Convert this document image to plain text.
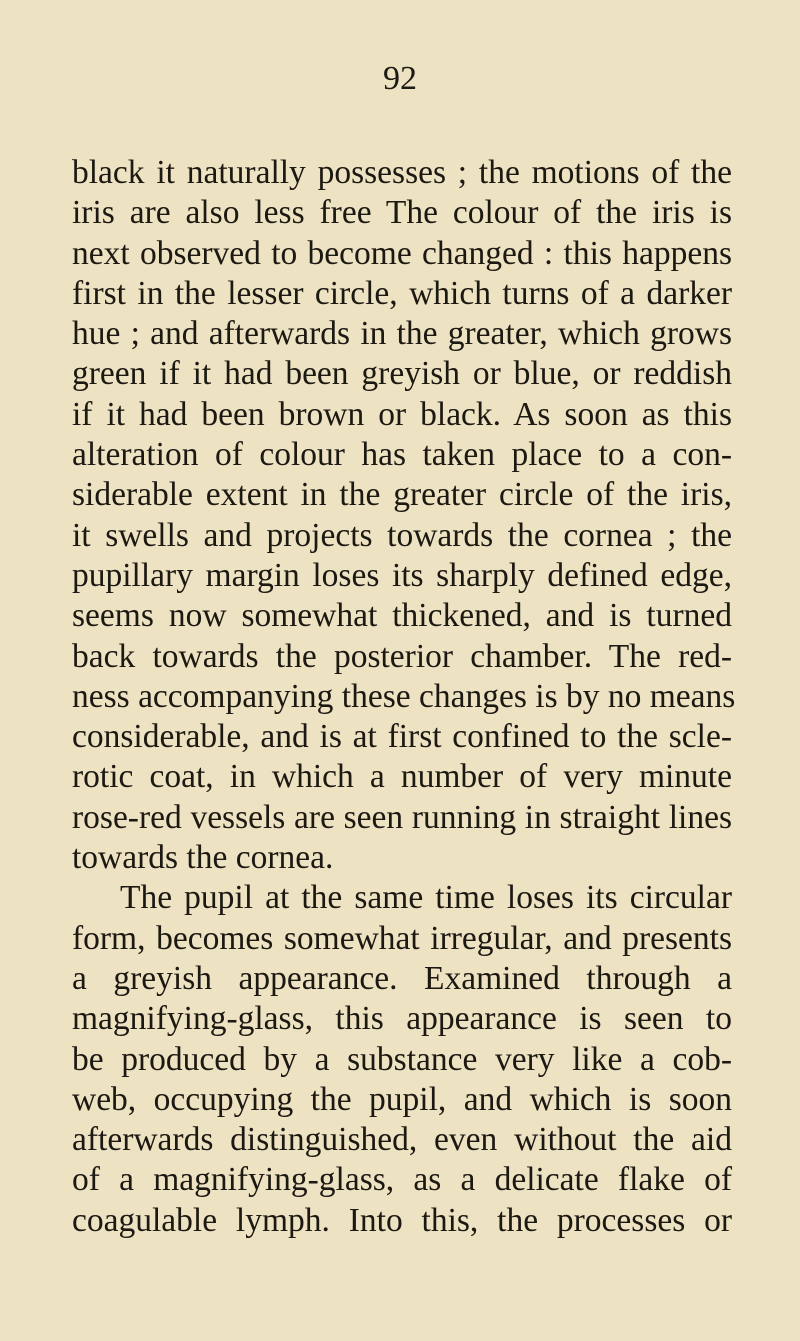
92
black it naturally possesses ; the motions of the
iris are also less free The colour of the iris is
next observed to become changed : this happens
first in the lesser circle, which turns of a darker
hue ; and afterwards in the greater, which grows
green if it had been greyish or blue, or reddish
if it had been brown or black. As soon as this
alteration of colour has taken place to a con-
siderable extent in the greater circle of the iris,
it swells and projects towards the cornea ; the
pupillary margin loses its sharply defined edge,
seems now somewhat thickened, and is turned
back towards the posterior chamber. The red-
ness accompanying these changes is by no means
considerable, and is at first confined to the scle-
rotic coat, in which a number of very minute
rose-red vessels are seen running in straight lines
towards the cornea.
The pupil at the same time loses its circular
form, becomes somewhat irregular, and presents
a greyish appearance. Examined through a
magnifying-glass, this appearance is seen to
be produced by a substance very like a cob-
web, occupying the pupil, and which is soon
afterwards distinguished, even without the aid
of a magnifying-glass, as a delicate flake of
coagulable lymph. Into this, the processes or
